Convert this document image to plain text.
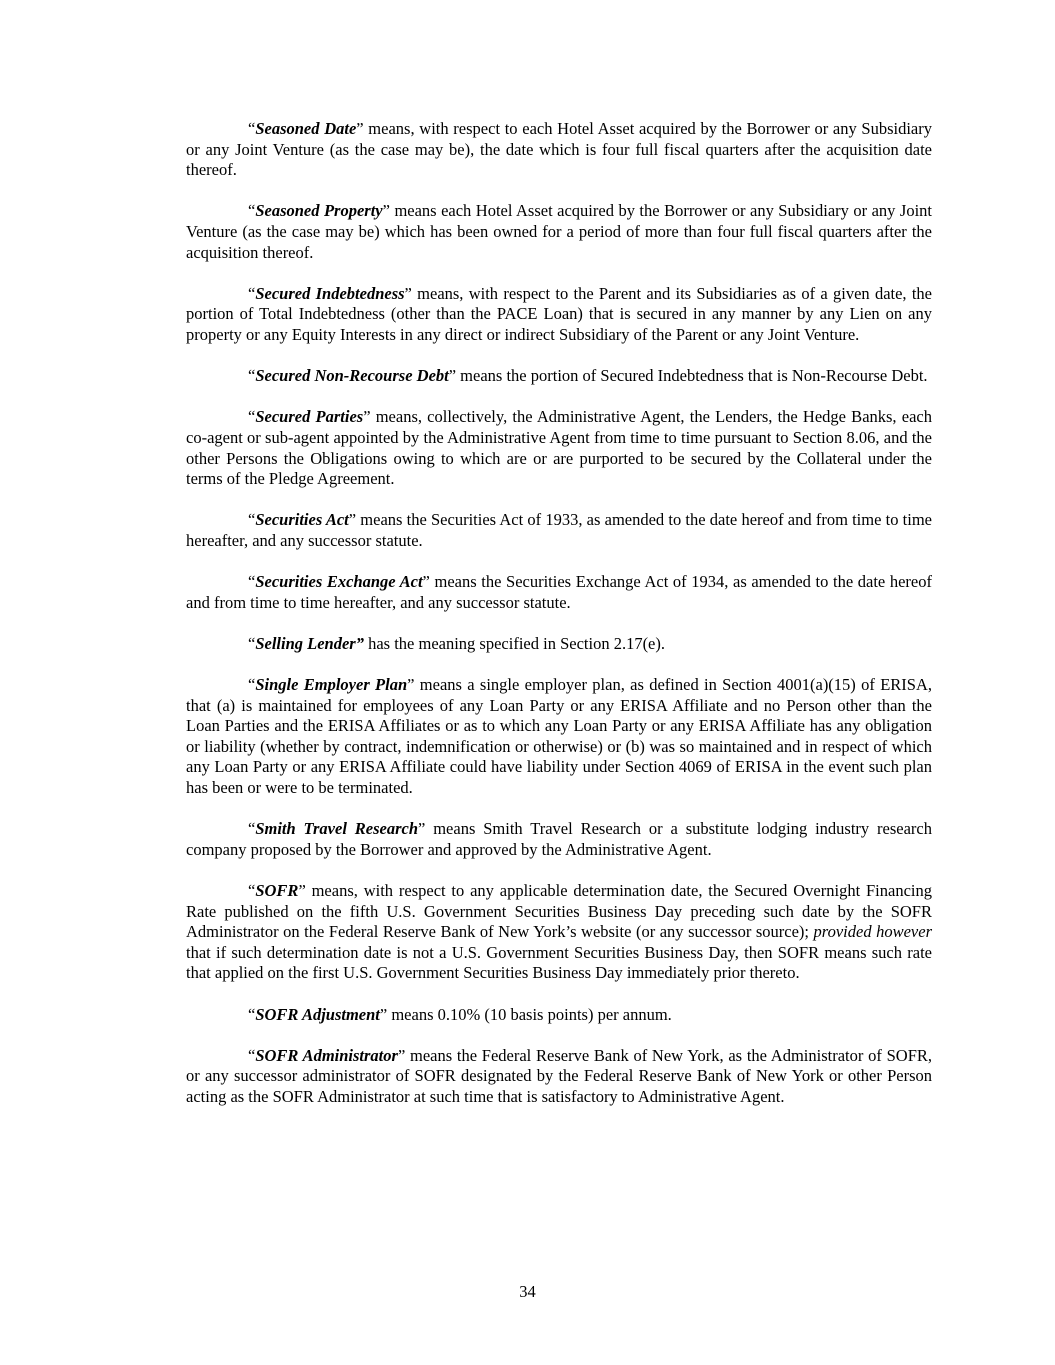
“Seasoned Date” means, with respect to each Hotel Asset acquired by the Borrower or any Subsidiary or any Joint Venture (as the case may be), the date which is four full fiscal quarters after the acquisition date thereof.

“Seasoned Property” means each Hotel Asset acquired by the Borrower or any Subsidiary or any Joint Venture (as the case may be) which has been owned for a period of more than four full fiscal quarters after the acquisition thereof.

“Secured Indebtedness” means, with respect to the Parent and its Subsidiaries as of a given date, the portion of Total Indebtedness (other than the PACE Loan) that is secured in any manner by any Lien on any property or any Equity Interests in any direct or indirect Subsidiary of the Parent or any Joint Venture.

“Secured Non-Recourse Debt” means the portion of Secured Indebtedness that is Non-Recourse Debt.

“Secured Parties” means, collectively, the Administrative Agent, the Lenders, the Hedge Banks, each co-agent or sub-agent appointed by the Administrative Agent from time to time pursuant to Section 8.06, and the other Persons the Obligations owing to which are or are purported to be secured by the Collateral under the terms of the Pledge Agreement.

“Securities Act” means the Securities Act of 1933, as amended to the date hereof and from time to time hereafter, and any successor statute.

“Securities Exchange Act” means the Securities Exchange Act of 1934, as amended to the date hereof and from time to time hereafter, and any successor statute.

“Selling Lender” has the meaning specified in Section 2.17(e).

“Single Employer Plan” means a single employer plan, as defined in Section 4001(a)(15) of ERISA, that (a) is maintained for employees of any Loan Party or any ERISA Affiliate and no Person other than the Loan Parties and the ERISA Affiliates or as to which any Loan Party or any ERISA Affiliate has any obligation or liability (whether by contract, indemnification or otherwise) or (b) was so maintained and in respect of which any Loan Party or any ERISA Affiliate could have liability under Section 4069 of ERISA in the event such plan has been or were to be terminated.

“Smith Travel Research” means Smith Travel Research or a substitute lodging industry research company proposed by the Borrower and approved by the Administrative Agent.

“SOFR” means, with respect to any applicable determination date, the Secured Overnight Financing Rate published on the fifth U.S. Government Securities Business Day preceding such date by the SOFR Administrator on the Federal Reserve Bank of New York’s website (or any successor source); provided however that if such determination date is not a U.S. Government Securities Business Day, then SOFR means such rate that applied on the first U.S. Government Securities Business Day immediately prior thereto.

“SOFR Adjustment” means 0.10% (10 basis points) per annum.

“SOFR Administrator” means the Federal Reserve Bank of New York, as the Administrator of SOFR, or any successor administrator of SOFR designated by the Federal Reserve Bank of New York or other Person acting as the SOFR Administrator at such time that is satisfactory to Administrative Agent.

34
